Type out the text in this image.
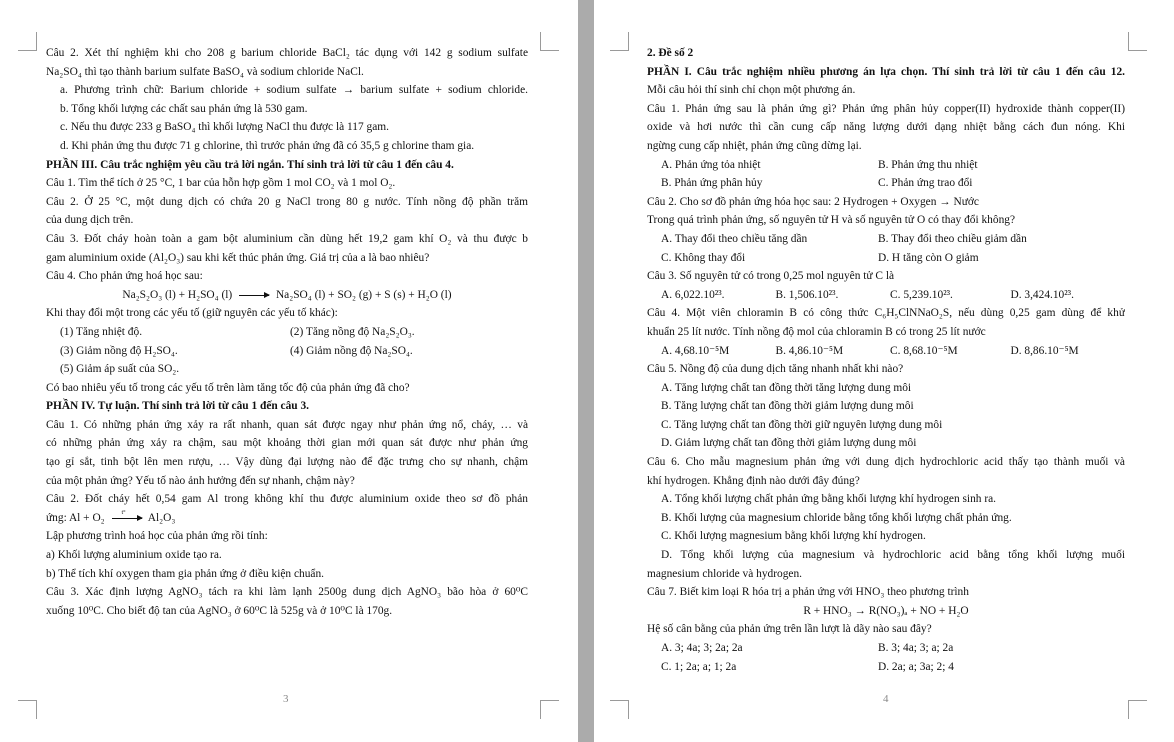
Câu 2. Xét thí nghiệm khi cho 208 g barium chloride BaCl₂ tác dụng với 142 g sodium sulfate
Na₂SO₄ thì tạo thành barium sulfate BaSO₄ và sodium chloride NaCl.
a. Phương trình chữ: Barium chloride + sodium sulfate → barium sulfate + sodium chloride.
b. Tổng khối lượng các chất sau phản ứng là 530 gam.
c. Nếu thu được 233 g BaSO₄ thì khối lượng NaCl thu được là 117 gam.
d. Khi phản ứng thu được 71 g chlorine, thì trước phản ứng đã có 35,5 g chlorine tham gia.
PHẦN III. Câu trắc nghiệm yêu cầu trả lời ngắn. Thí sinh trả lời từ câu 1 đến câu 4.
Câu 1. Tìm thể tích ở 25 °C, 1 bar của hỗn hợp gồm 1 mol CO₂ và 1 mol O₂.
Câu 2. Ở 25 °C, một dung dịch có chứa 20 g NaCl trong 80 g nước. Tính nồng độ phần trăm
của dung dịch trên.
Câu 3. Đốt cháy hoàn toàn a gam bột aluminium cần dùng hết 19,2 gam khí O₂ và thu được b
gam aluminium oxide (Al₂O₃) sau khi kết thúc phản ứng. Giá trị của a là bao nhiêu?
Câu 4. Cho phản ứng hoá học sau:
Na₂S₂O₃ (l) + H₂SO₄ (l) → Na₂SO₄ (l) + SO₂ (g) + S (s) + H₂O (l)
Khi thay đổi một trong các yếu tố (giữ nguyên các yếu tố khác):
(1) Tăng nhiệt độ.	(2) Tăng nồng độ Na₂S₂O₃.
(3) Giảm nồng độ H₂SO₄.	(4) Giảm nồng độ Na₂SO₄.
(5) Giảm áp suất của SO₂.
Có bao nhiêu yếu tố trong các yếu tố trên làm tăng tốc độ của phản ứng đã cho?
PHẦN IV. Tự luận. Thí sinh trả lời từ câu 1 đến câu 3.
Câu 1. Có những phản ứng xảy ra rất nhanh, quan sát được ngay như phản ứng nổ, cháy, … và
có những phản ứng xảy ra chậm, sau một khoảng thời gian mới quan sát được như phản ứng
tạo gỉ sắt, tinh bột lên men rượu, … Vậy dùng đại lượng nào để đặc trưng cho sự nhanh, chậm
của một phản ứng? Yếu tố nào ảnh hưởng đến sự nhanh, chậm này?
Câu 2. Đốt cháy hết 0,54 gam Al trong không khí thu được aluminium oxide theo sơ đồ phản
ứng: Al + O₂	t° Al₂O₃
Lập phương trình hoá học của phản ứng rồi tính:
a) Khối lượng aluminium oxide tạo ra.
b) Thể tích khí oxygen tham gia phản ứng ở điều kiện chuẩn.
Câu 3. Xác định lượng AgNO₃ tách ra khi làm lạnh 2500g dung dịch AgNO₃ bão hòa ở 60⁰C
xuống 10⁰C. Cho biết độ tan của AgNO₃ ở 60⁰C là 525g và ở 10⁰C là 170g.
3
2. Đề số 2
PHẦN I. Câu trắc nghiệm nhiều phương án lựa chọn. Thí sinh trả lời từ câu 1 đến câu 12.
Mỗi câu hỏi thí sinh chỉ chọn một phương án.
Câu 1. Phản ứng sau là phản ứng gì? Phản ứng phân hủy copper(II) hydroxide thành copper(II)
oxide và hơi nước thì cần cung cấp năng lượng dưới dạng nhiệt bằng cách đun nóng. Khi
ngừng cung cấp nhiệt, phản ứng cũng dừng lại.
A. Phản ứng tỏa nhiệt	B. Phản ứng thu nhiệt
B. Phản ứng phân hủy	C. Phản ứng trao đổi
Câu 2. Cho sơ đồ phản ứng hóa học sau: 2 Hydrogen + Oxygen → Nước
Trong quá trình phản ứng, số nguyên tử H và số nguyên tử O có thay đổi không?
A. Thay đổi theo chiều tăng dần	B. Thay đổi theo chiều giảm dần
C. Không thay đổi	D. H tăng còn O giảm
Câu 3. Số nguyên tử có trong 0,25 mol nguyên tử C là
A. 6,022.10²³.	B. 1,506.10²³.	C. 5,239.10²³.	D. 3,424.10²³.
Câu 4. Một viên chloramin B có công thức C₆H₅ClNNaO₂S, nếu dùng 0,25 gam dùng để khử
khuẩn 25 lít nước. Tính nồng độ mol của chloramin B có trong 25 lít nước
A. 4,68.10⁻⁵M	B. 4,86.10⁻⁵M	C. 8,68.10⁻⁵M	D. 8,86.10⁻⁵M
Câu 5. Nồng độ của dung dịch tăng nhanh nhất khi nào?
A. Tăng lượng chất tan đồng thời tăng lượng dung môi
B. Tăng lượng chất tan đồng thời giảm lượng dung môi
C. Tăng lượng chất tan đồng thời giữ nguyên lượng dung môi
D. Giảm lượng chất tan đồng thời giảm lượng dung môi
Câu 6. Cho mẫu magnesium phản ứng với dung dịch hydrochloric acid thấy tạo thành muối và
khí hydrogen. Khẳng định nào dưới đây đúng?
A. Tổng khối lượng chất phản ứng bằng khối lượng khí hydrogen sinh ra.
B. Khối lượng của magnesium chloride bằng tổng khối lượng chất phản ứng.
C. Khối lượng magnesium bằng khối lượng khí hydrogen.
D. Tổng khối lượng của magnesium và hydrochloric acid bằng tổng khối lượng muối
magnesium chloride và hydrogen.
Câu 7. Biết kim loại R hóa trị a phản ứng với HNO₃ theo phương trình
R + HNO₃ → R(NO₃)ₐ + NO + H₂O
Hệ số cân bằng của phản ứng trên lần lượt là dãy nào sau đây?
A. 3; 4a; 3; 2a; 2a	B. 3; 4a; 3; a; 2a
C. 1; 2a; a; 1; 2a	D. 2a; a; 3a; 2; 4
4
